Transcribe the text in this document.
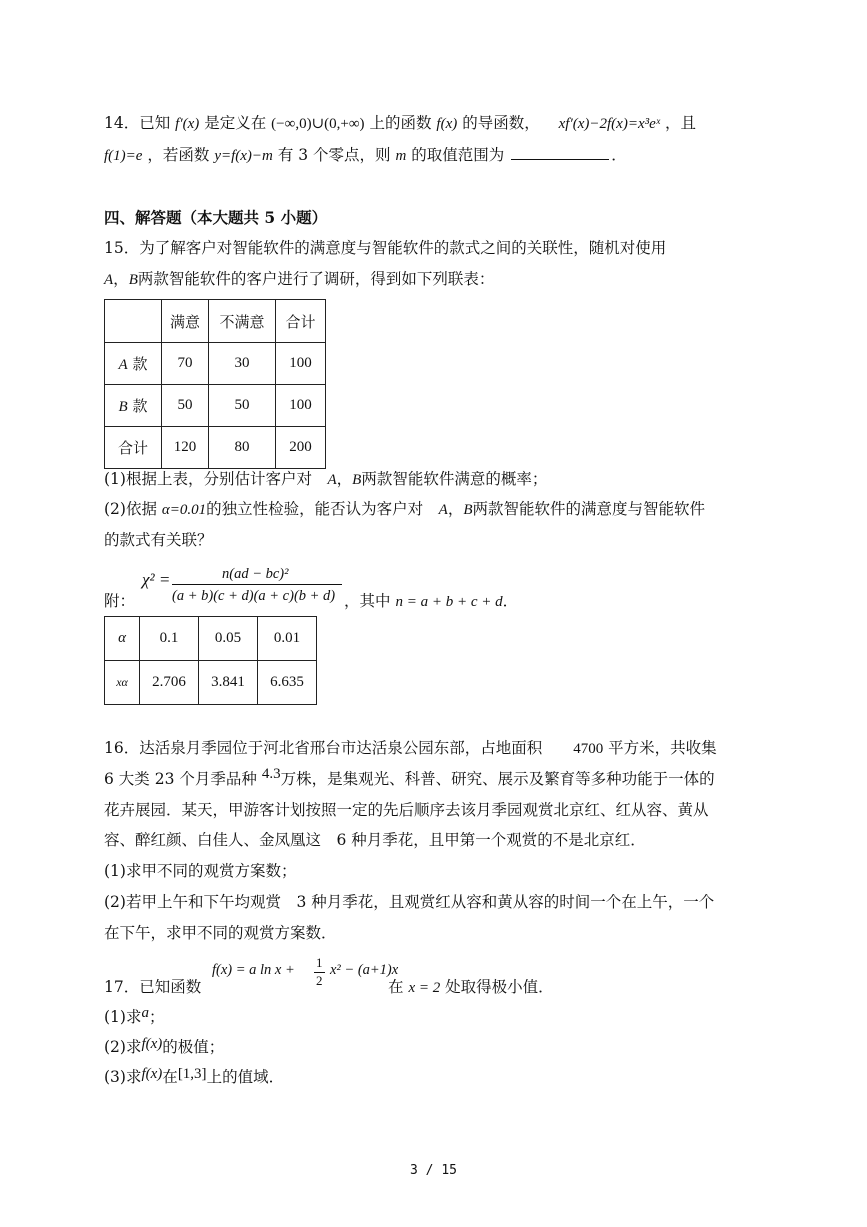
14．已知 f′(x) 是定义在 (−∞,0)∪(0,+∞) 上的函数 f(x) 的导函数， xf′(x)−2f(x)=x³eˣ ，且
f(1)=e ，若函数 y=f(x)−m 有 3 个零点，则 m 的取值范围为	．
四、解答题（本大题共 5 小题）
15．为了解客户对智能软件的满意度与智能软件的款式之间的关联性，随机对使用
A，B两款智能软件的客户进行了调研，得到如下列联表：
	满意	不满意	合计
A 款	70	30	100
B 款	50	50	100
合计	120	80	200
(1)根据上表，分别估计客户对　A，B两款智能软件满意的概率；
(2)依据 α=0.01的独立性检验，能否认为客户对　A，B两款智能软件的满意度与智能软件
的款式有关联？
附：
χ² =	n(ad − bc)²
(a + b)(c + d)(a + c)(b + d) ，其中 n = a + b + c + d．
α	0.1	0.05	0.01
xα	2.706	3.841	6.635
16．达活泉月季园位于河北省邢台市达活泉公园东部，占地面积　　4700 平方米，共收集
6 大类 23 个月季品种 4.3万株，是集观光、科普、研究、展示及繁育等多种功能于一体的
花卉展园．某天，甲游客计划按照一定的先后顺序去该月季园观赏北京红、红从容、黄从
容、醉红颜、白佳人、金凤凰这　6 种月季花，且甲第一个观赏的不是北京红．
(1)求甲不同的观赏方案数；
(2)若甲上午和下午均观赏　3 种月季花，且观赏红从容和黄从容的时间一个在上午，一个
在下午，求甲不同的观赏方案数．
17．已知函数
f(x) = a ln x + 1
2
x² − (a+1)x
在 x = 2 处取得极小值．
(1)求a；
(2)求f(x)的极值；
(3)求f(x)在[1,3]上的值域．
3 / 15
